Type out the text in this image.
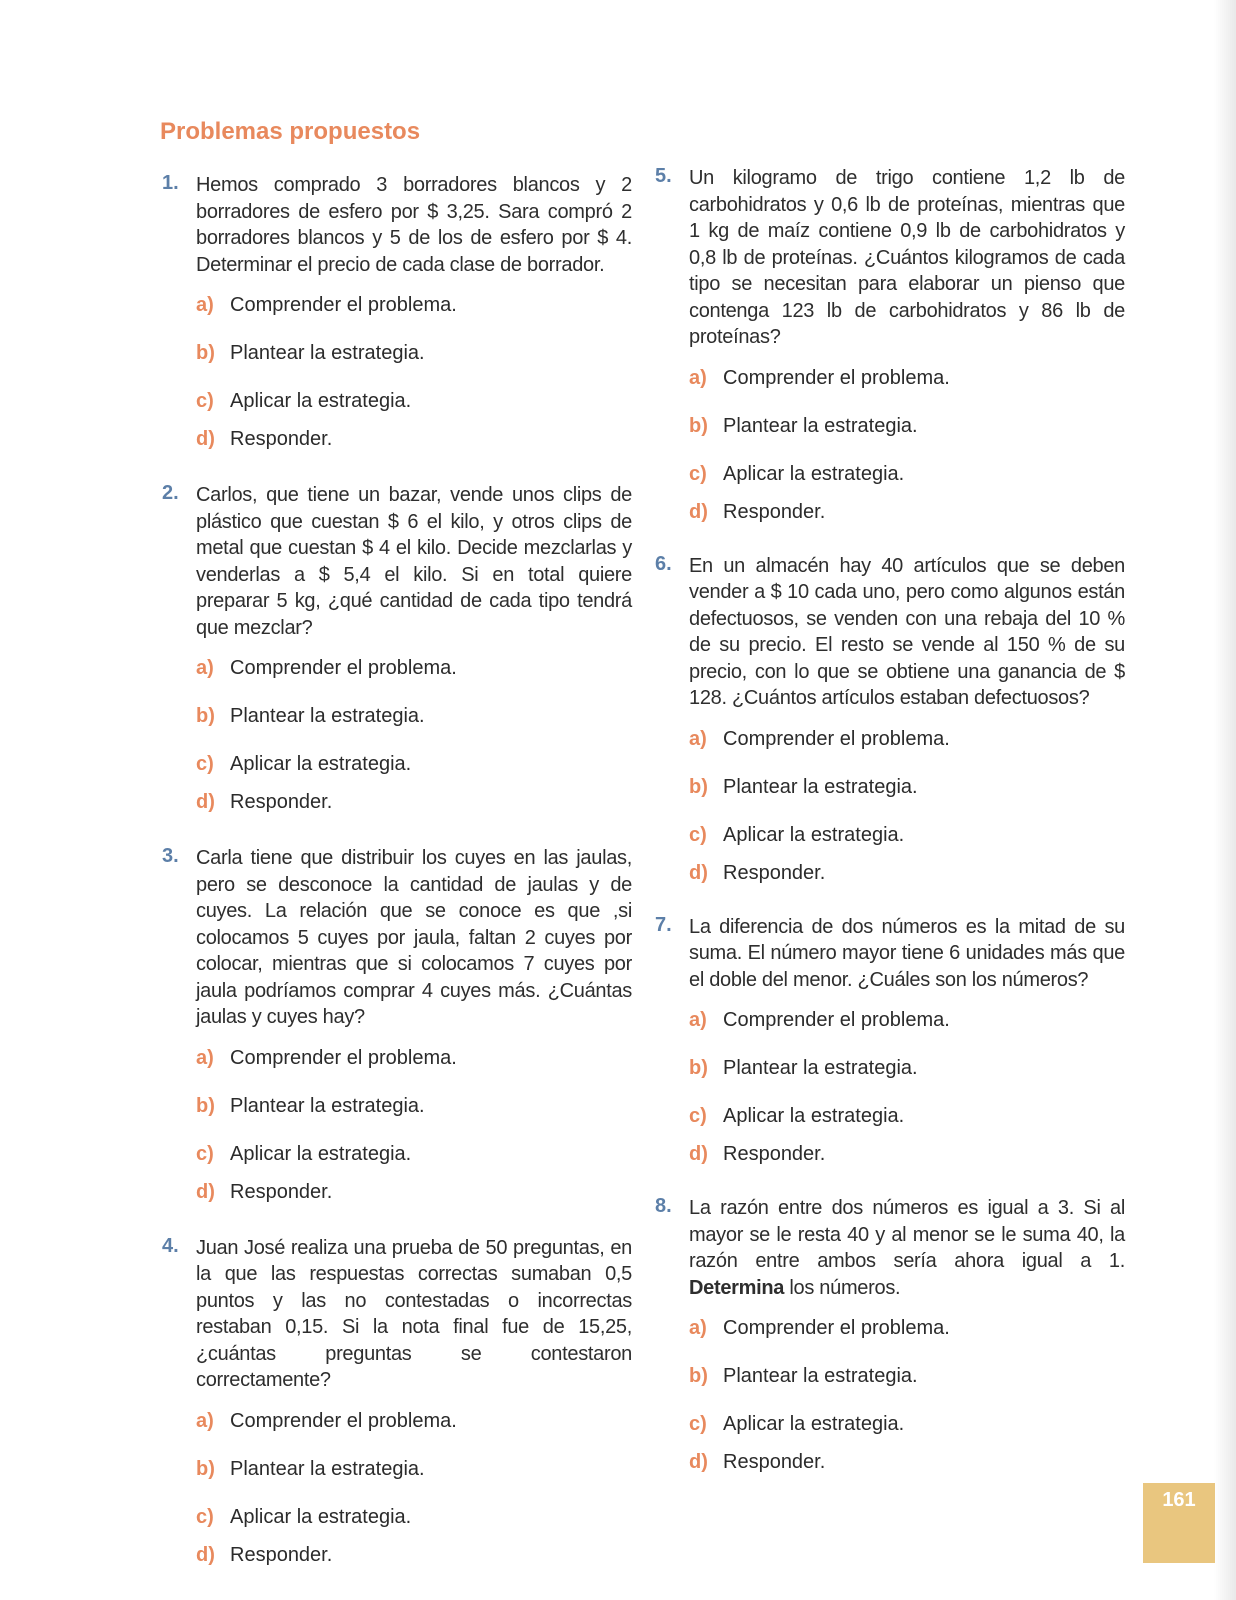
Problemas propuestos
1. Hemos comprado 3 borradores blancos y 2 borradores de esfero por $ 3,25. Sara compró 2 borradores blancos y 5 de los de esfero por $ 4. Determinar el precio de cada clase de borrador.
a) Comprender el problema.
b) Plantear la estrategia.
c) Aplicar la estrategia.
d) Responder.
2. Carlos, que tiene un bazar, vende unos clips de plástico que cuestan $ 6 el kilo, y otros clips de metal que cuestan $ 4 el kilo. Decide mezclarlas y venderlas a $ 5,4 el kilo. Si en total quiere preparar 5 kg, ¿qué cantidad de cada tipo tendrá que mezclar?
a) Comprender el problema.
b) Plantear la estrategia.
c) Aplicar la estrategia.
d) Responder.
3. Carla tiene que distribuir los cuyes en las jaulas, pero se desconoce la cantidad de jaulas y de cuyes. La relación que se conoce es que ,si colocamos 5 cuyes por jaula, faltan 2 cuyes por colocar, mientras que si colocamos 7 cuyes por jaula podríamos comprar 4 cuyes más. ¿Cuántas jaulas y cuyes hay?
a) Comprender el problema.
b) Plantear la estrategia.
c) Aplicar la estrategia.
d) Responder.
4. Juan José realiza una prueba de 50 preguntas, en la que las respuestas correctas sumaban 0,5 puntos y las no contestadas o incorrectas restaban 0,15. Si la nota final fue de 15,25, ¿cuántas preguntas se contestaron correctamente?
a) Comprender el problema.
b) Plantear la estrategia.
c) Aplicar la estrategia.
d) Responder.
5. Un kilogramo de trigo contiene 1,2 lb de carbohidratos y 0,6 lb de proteínas, mientras que 1 kg de maíz contiene 0,9 lb de carbohidratos y 0,8 lb de proteínas. ¿Cuántos kilogramos de cada tipo se necesitan para elaborar un pienso que contenga 123 lb de carbohidratos y 86 lb de proteínas?
a) Comprender el problema.
b) Plantear la estrategia.
c) Aplicar la estrategia.
d) Responder.
6. En un almacén hay 40 artículos que se deben vender a $ 10 cada uno, pero como algunos están defectuosos, se venden con una rebaja del 10 % de su precio. El resto se vende al 150 % de su precio, con lo que se obtiene una ganancia de $ 128. ¿Cuántos artículos estaban defectuosos?
a) Comprender el problema.
b) Plantear la estrategia.
c) Aplicar la estrategia.
d) Responder.
7. La diferencia de dos números es la mitad de su suma. El número mayor tiene 6 unidades más que el doble del menor. ¿Cuáles son los números?
a) Comprender el problema.
b) Plantear la estrategia.
c) Aplicar la estrategia.
d) Responder.
8. La razón entre dos números es igual a 3. Si al mayor se le resta 40 y al menor se le suma 40, la razón entre ambos sería ahora igual a 1. Determina los números.
a) Comprender el problema.
b) Plantear la estrategia.
c) Aplicar la estrategia.
d) Responder.
161
